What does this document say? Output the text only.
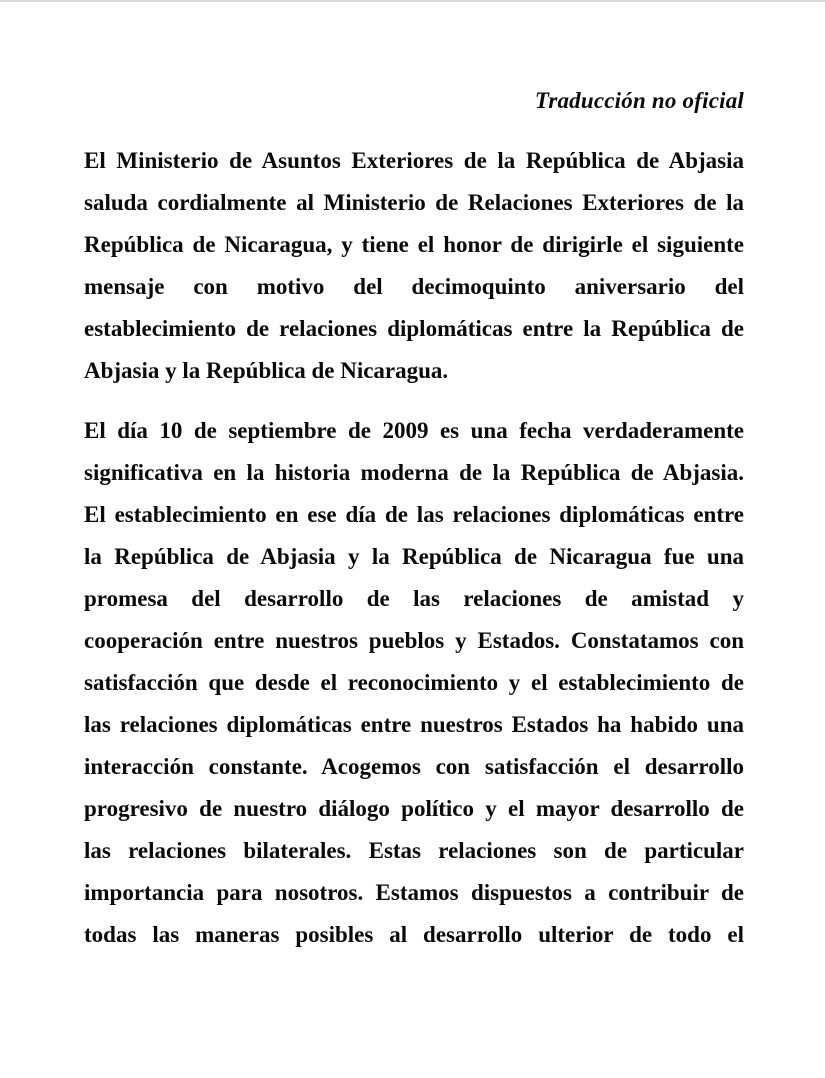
Traducción no oficial
El Ministerio de Asuntos Exteriores de la República de Abjasia
saluda cordialmente al Ministerio de Relaciones Exteriores de la
República de Nicaragua, y tiene el honor de dirigirle el siguiente
mensaje con motivo del decimoquinto aniversario del
establecimiento de relaciones diplomáticas entre la República de
Abjasia y la República de Nicaragua.
El día 10 de septiembre de 2009 es una fecha verdaderamente
significativa en la historia moderna de la República de Abjasia.
El establecimiento en ese día de las relaciones diplomáticas entre
la República de Abjasia y la República de Nicaragua fue una
promesa del desarrollo de las relaciones de amistad y
cooperación entre nuestros pueblos y Estados. Constatamos con
satisfacción que desde el reconocimiento y el establecimiento de
las relaciones diplomáticas entre nuestros Estados ha habido una
interacción constante. Acogemos con satisfacción el desarrollo
progresivo de nuestro diálogo político y el mayor desarrollo de
las relaciones bilaterales. Estas relaciones son de particular
importancia para nosotros. Estamos dispuestos a contribuir de
todas las maneras posibles al desarrollo ulterior de todo el
